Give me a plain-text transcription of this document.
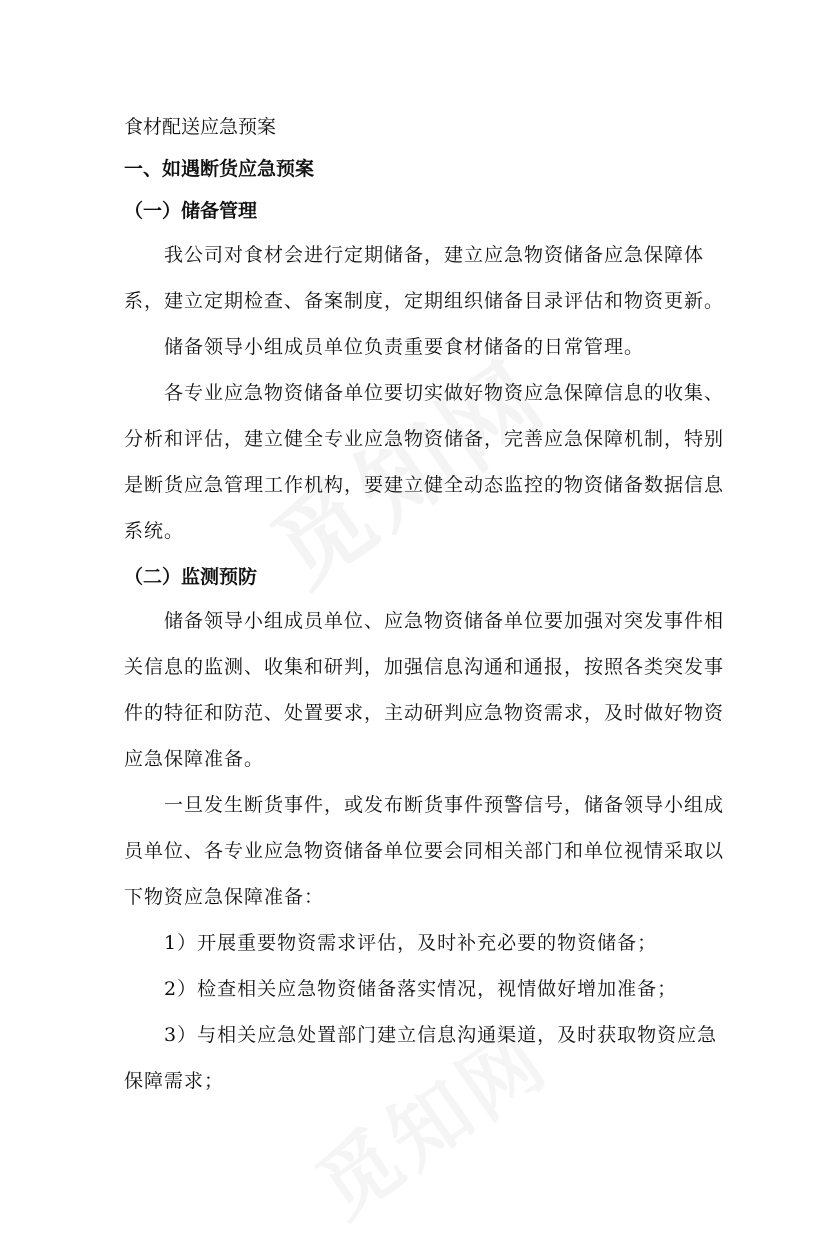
食材配送应急预案

一、如遇断货应急预案

（一）储备管理

我公司对食材会进行定期储备，建立应急物资储备应急保障体系，建立定期检查、备案制度，定期组织储备目录评估和物资更新。

储备领导小组成员单位负责重要食材储备的日常管理。

各专业应急物资储备单位要切实做好物资应急保障信息的收集、分析和评估，建立健全专业应急物资储备，完善应急保障机制，特别是断货应急管理工作机构，要建立健全动态监控的物资储备数据信息系统。

（二）监测预防

储备领导小组成员单位、应急物资储备单位要加强对突发事件相关信息的监测、收集和研判，加强信息沟通和通报，按照各类突发事件的特征和防范、处置要求，主动研判应急物资需求，及时做好物资应急保障准备。

一旦发生断货事件，或发布断货事件预警信号，储备领导小组成员单位、各专业应急物资储备单位要会同相关部门和单位视情采取以下物资应急保障准备：

1）开展重要物资需求评估，及时补充必要的物资储备；

2）检查相关应急物资储备落实情况，视情做好增加准备；

3）与相关应急处置部门建立信息沟通渠道，及时获取物资应急保障需求；
